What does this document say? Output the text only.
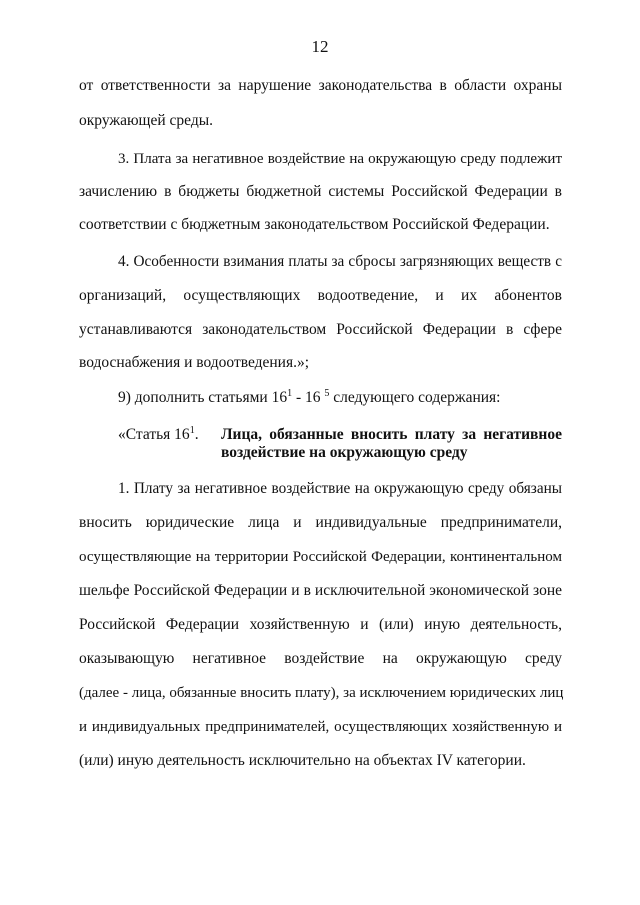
12
от ответственности за нарушение законодательства в области охраны
окружающей среды.
3. Плата за негативное воздействие на окружающую среду подлежит
зачислению в бюджеты бюджетной системы Российской Федерации в
соответствии с бюджетным законодательством Российской Федерации.
4. Особенности взимания платы за сбросы загрязняющих веществ с
организаций, осуществляющих водоотведение, и их абонентов
устанавливаются законодательством Российской Федерации в сфере
водоснабжения и водоотведения.»;
9) дополнить статьями $16^1 - 16$ $^5$ следующего содержания:
«Статья $16^1$. Лица, обязанные вносить плату за негативное
воздействие на окружающую среду
1. Плату за негативное воздействие на окружающую среду обязаны
вносить юридические лица и индивидуальные предприниматели,
осуществляющие на территории Российской Федерации, континентальном
шельфе Российской Федерации и в исключительной экономической зоне
Российской Федерации хозяйственную и (или) иную деятельность,
оказывающую негативное воздействие на окружающую среду
(далее - лица, обязанные вносить плату), за исключением юридических лиц
и индивидуальных предпринимателей, осуществляющих хозяйственную и
(или) иную деятельность исключительно на объектах IV категории.
